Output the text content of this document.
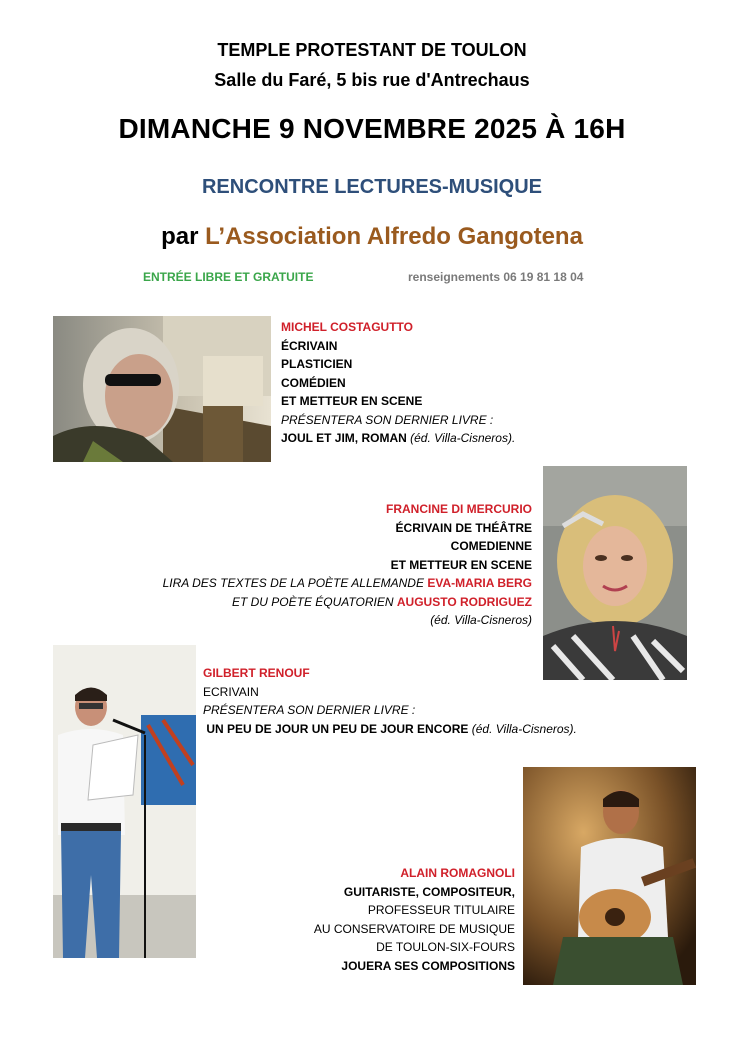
TEMPLE PROTESTANT DE TOULON
Salle du Faré, 5 bis rue d'Antrechaus
DIMANCHE 9 NOVEMBRE 2025 À 16H
RENCONTRE LECTURES-MUSIQUE
par L’Association Alfredo Gangotena
ENTRÉE LIBRE ET GRATUITE	renseignements 06 19 81 18 04
MICHEL COSTAGUTTO
ÉCRIVAIN
PLASTICIEN
COMÉDIEN
ET METTEUR EN SCENE
PRÉSENTERA SON DERNIER LIVRE :
JOUL ET JIM, ROMAN (éd. Villa-Cisneros).
FRANCINE DI MERCURIO
ÉCRIVAIN DE THÉÂTRE
COMEDIENNE
ET METTEUR EN SCENE
LIRA DES TEXTES DE LA POÈTE ALLEMANDE EVA-MARIA BERG
ET DU POÈTE ÉQUATORIEN AUGUSTO RODRIGUEZ
(éd. Villa-Cisneros)
GILBERT RENOUF
ECRIVAIN
PRÉSENTERA SON DERNIER LIVRE :
UN PEU DE JOUR UN PEU DE JOUR ENCORE (éd. Villa-Cisneros).
ALAIN ROMAGNOLI
GUITARISTE, COMPOSITEUR,
PROFESSEUR TITULAIRE
AU CONSERVATOIRE DE MUSIQUE
DE TOULON-SIX-FOURS
JOUERA SES COMPOSITIONS
